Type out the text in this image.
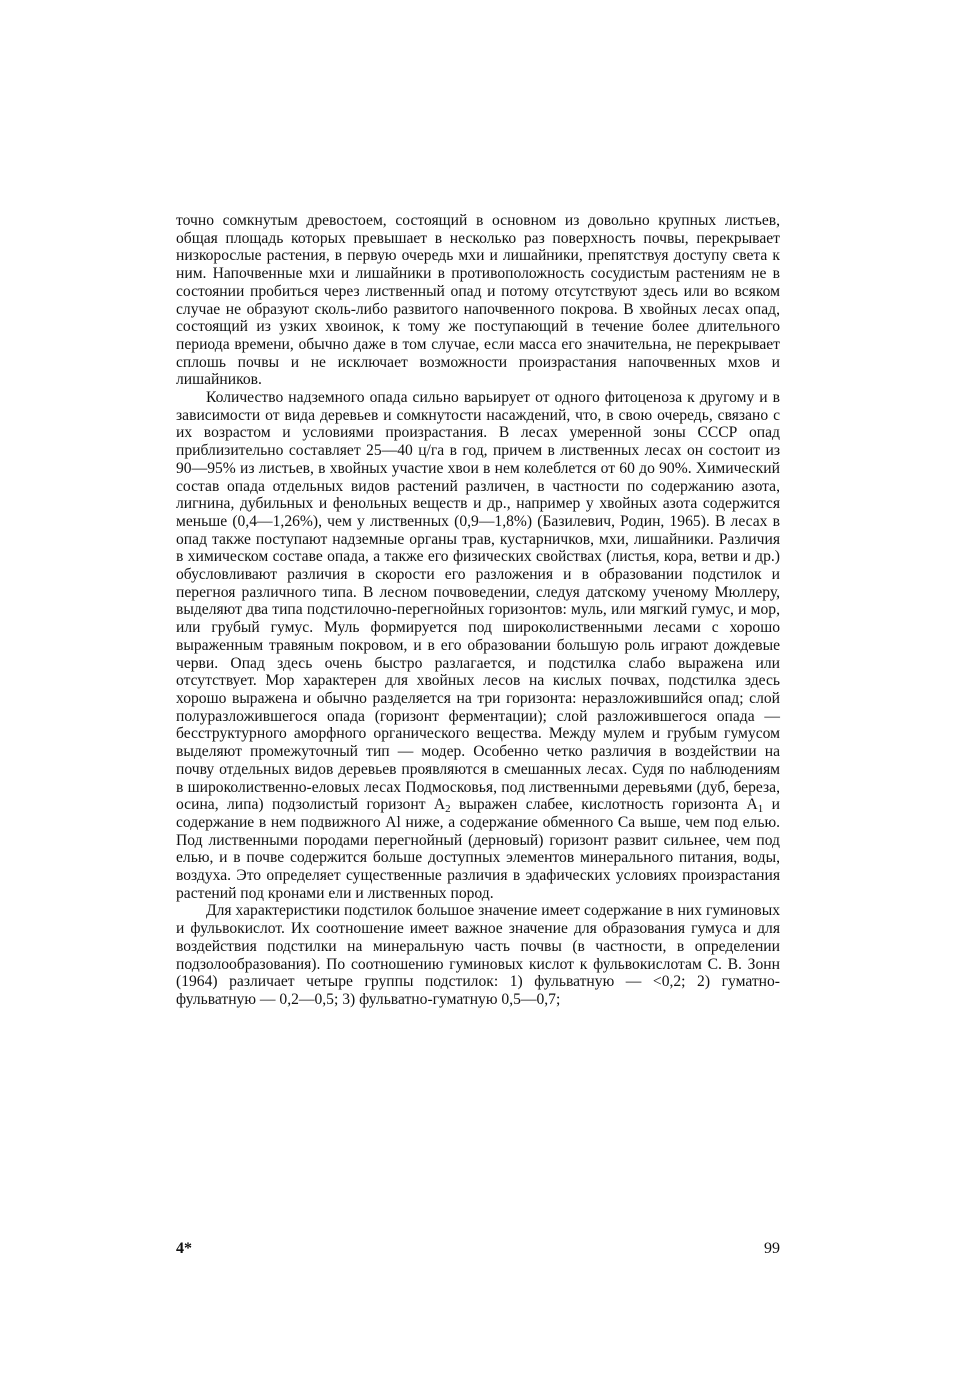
точно сомкнутым древостоем, состоящий в основном из довольно крупных листьев, общая площадь которых превышает в несколько раз поверхность почвы, перекрывает низкорослые растения, в первую очередь мхи и лишайники, препятствуя доступу света к ним. Напочвенные мхи и лишайники в противоположность сосудистым растениям не в состоянии пробиться через лиственный опад и потому отсутствуют здесь или во всяком случае не образуют сколь-либо развитого напочвенного покрова. В хвойных лесах опад, состоящий из узких хвоинок, к тому же поступающий в течение более длительного периода времени, обычно даже в том случае, если масса его значительна, не перекрывает сплошь почвы и не исключает возможности произрастания напочвенных мхов и лишайников.

Количество надземного опада сильно варьирует от одного фитоценоза к другому и в зависимости от вида деревьев и сомкнутости насаждений, что, в свою очередь, связано с их возрастом и условиями произрастания. В лесах умеренной зоны СССР опад приблизительно составляет 25—40 ц/га в год, причем в лиственных лесах он состоит из 90—95% из листьев, в хвойных участие хвои в нем колеблется от 60 до 90%. Химический состав опада отдельных видов растений различен, в частности по содержанию азота, лигнина, дубильных и фенольных веществ и др., например у хвойных азота содержится меньше (0,4—1,26%), чем у лиственных (0,9—1,8%) (Базилевич, Родин, 1965). В лесах в опад также поступают надземные органы трав, кустарничков, мхи, лишайники. Различия в химическом составе опада, а также его физических свойствах (листья, кора, ветви и др.) обусловливают различия в скорости его разложения и в образовании подстилок и перегноя различного типа. В лесном почвоведении, следуя датскому ученому Мюллеру, выделяют два типа подстилочно-перегнойных горизонтов: муль, или мягкий гумус, и мор, или грубый гумус. Муль формируется под широколиственными лесами с хорошо выраженным травяным покровом, и в его образовании большую роль играют дождевые черви. Опад здесь очень быстро разлагается, и подстилка слабо выражена или отсутствует. Мор характерен для хвойных лесов на кислых почвах, подстилка здесь хорошо выражена и обычно разделяется на три горизонта: неразложившийся опад; слой полуразложившегося опада (горизонт ферментации); слой разложившегося опада — бесструктурного аморфного органического вещества. Между мулем и грубым гумусом выделяют промежуточный тип — модер. Особенно четко различия в воздействии на почву отдельных видов деревьев проявляются в смешанных лесах. Судя по наблюдениям в широколиственно-еловых лесах Подмосковья, под лиственными деревьями (дуб, береза, осина, липа) подзолистый горизонт $A_2$ выражен слабее, кислотность горизонта $A_1$ и содержание в нем подвижного Al ниже, а содержание обменного Ca выше, чем под елью. Под лиственными породами перегнойный (дерновый) горизонт развит сильнее, чем под елью, и в почве содержится больше доступных элементов минерального питания, воды, воздуха. Это определяет существенные различия в эдафических условиях произрастания растений под кронами ели и лиственных пород.

Для характеристики подстилок большое значение имеет содержание в них гуминовых и фульвокислот. Их соотношение имеет важное значение для образования гумуса и для воздействия подстилки на минеральную часть почвы (в частности, в определении подзолообразования). По соотношению гуминовых кислот к фульвокислотам С. В. Зонн (1964) различает четыре группы подстилок: 1) фульватную — <0,2; 2) гуматно-фульватную — 0,2—0,5; 3) фульватно-гуматную 0,5—0,7;

4*	99
